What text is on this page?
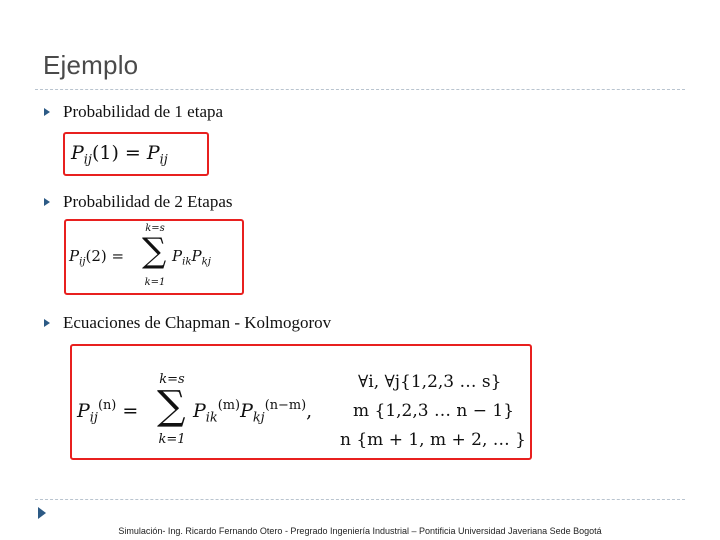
Ejemplo
Probabilidad de 1 etapa
$P_{ij}(1) = P_{ij}$
Probabilidad de 2 Etapas
$P_{ij}(2)$ =
k=s
∑
k=1
$P_{ik}P_{kj}$
Ecuaciones de Chapman - Kolmogorov
$P_{ij}^{(n)}$ =
k=s
∑
k=1
$P_{ik}^{(m)}P_{kj}^{(n-m)}$,
∀i, ∀j{1,2,3 … s}
m {1,2,3 … n − 1}
n {m + 1, m + 2, … }
Simulación- Ing. Ricardo Fernando Otero - Pregrado Ingeniería Industrial – Pontificia Universidad Javeriana Sede Bogotá
